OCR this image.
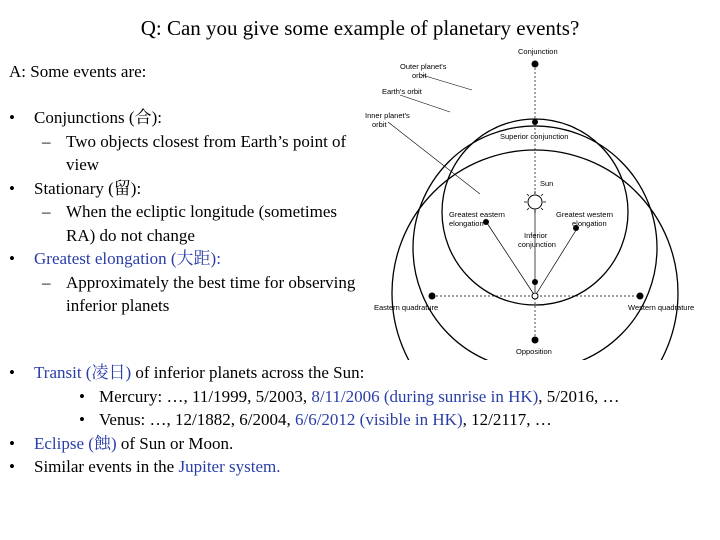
Q: Can you give some example of planetary events?
A: Some events are:
• Conjunctions (合):
– Two objects closest from Earth’s point of view
• Stationary (留):
– When the ecliptic longitude (sometimes RA) do not change
• Greatest elongation (大距):
– Approximately the best time for observing inferior planets
Conjunction
Outer planet's
orbit
Earth's orbit
Inner planet's
orbit
Superior conjunction
Sun
Greatest eastern
elongation
Greatest western
elongation
Inferior
conjunction
Eastern quadrature	Western quadrature
Opposition
• Transit (凌日) of inferior planets across the Sun:
• Mercury: …, 11/1999, 5/2003, 8/11/2006 (during sunrise in HK), 5/2016, …
• Venus: …, 12/1882, 6/2004, 6/6/2012 (visible in HK), 12/2117, …
• Eclipse (蝕) of Sun or Moon.
• Similar events in the Jupiter system.
